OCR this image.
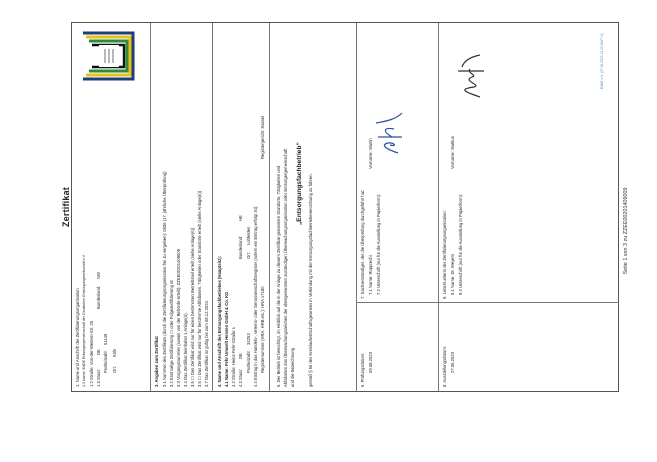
Zertifikat
1. Name und Anschrift der Zertifizierungsorganisation 1.1 Name: EdDE Entsorgergemeinschaft der Deutschen Entsorgungswirtschaft e.V. 1.2 Straße: Von-der-Wettern-Str. 25 1.3 Staat:
DE
Bundesland:
NW
Postleitzahl:
51149
Ort:
Köln	3. Angaben zum Zertifikat 3.1 Nummer des Zertifikats (durch die Zertifizierungsorganisation frei zu vergeben): 0836 (17. jährliche Überprüfung) 3.2 Erstmalige Zertifizierung ☐ oder Folgezertifizierung ☒ 3.3 Vorgangsnummer (soweit von der Behörde erteilt): ZZEE00201409009 3.4 Das Zertifikat beinhaltet 1 Anlage(n). 3.5 ☐ Das Zertifikat wird nur für einen bestimmten Betriebsteil erteilt (siehe Anlage(n)) 3.6 ☐ Das Zertifikat wird nur für bestimmte Abfallarten, Tätigkeiten oder Standorte erteilt (siehe Anlage(n)) 3.7 Das Zertifikat ist gültig bis zum 08.12.2024. 4. Name und Anschrift des Entsorgungsfachbetriebes (Hauptsitz): 4.1 Name: Fehr Umwelt Hessen GmbH & Co. KG 4.2 Straße: Heinz-Fehr-Straße 1 4.3 Staat:
DE
Bundesland:
HE
Postleitzahl:
34253
Ort:
Lohfelden 4.4 Eintrag in das Handels-, Vereins- oder Genossenschaftsregister (sofern ein Eintrag erfolgt ist): Registernummer (HRA, HRB etc.): HRA 17180
Registergericht: Kassel
5. Der Betrieb ist berechtigt, im Hinblick auf die in der Anlage zu diesem Zertifikat genannten Standorte, Tätigkeiten und Abfallarten das Überwachungszeichen der obengenannten zuständigen Überwachungsorganisation oder Entsorgergemeinschaft und die Bezeichnung
„Entsorgungsfachbetrieb“ gemäß § 56 des Kreislaufwirtschaftsgesetzes in Verbindung mit der Entsorgungsfachbetriebeverordnung zu führen.	6. Prüfungsdatum: 09.08.2023
7. Sachverständiger, der die Überprüfung durchgeführt hat: 7.1 Name: Rupprecht
Vorname: Martin
7.2 Unterschrift (nur für die Ausstellung in Papierform):
8. Ausstellungsdatum: 27.06.2023
9. Leiter/Leiterin der Zertifizierungsorganisation: 9.1 Name: Dr. Weyers
Vorname: Markus
9.2 Unterschrift (nur für die Ausstellung in Papierform):
EdDE e.V. (27.06.2023 13:22 GMT+2)
Seite 1 von 3 zu ZZEE00201409009
